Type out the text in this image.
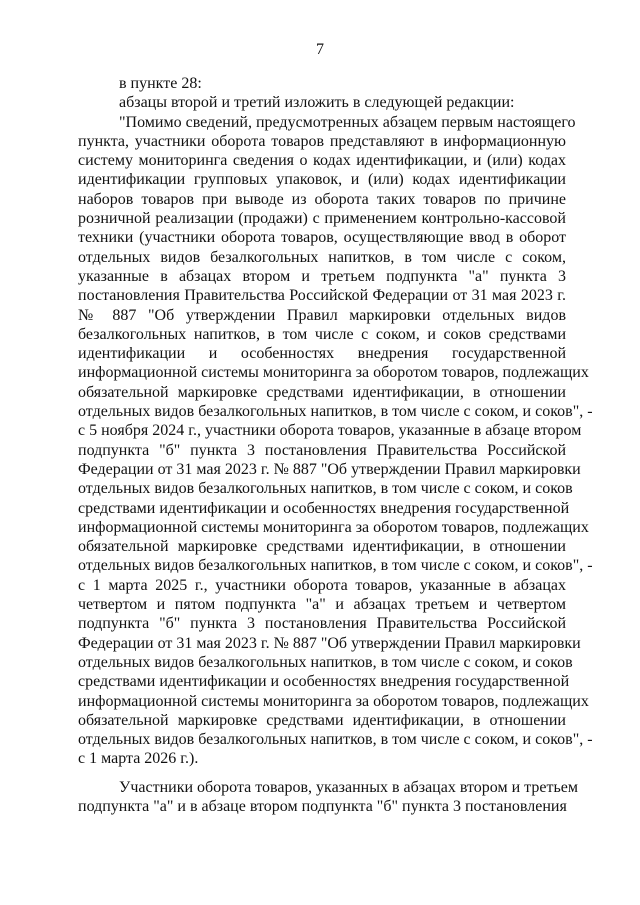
7
в пункте 28:
абзацы второй и третий изложить в следующей редакции:
"Помимо сведений, предусмотренных абзацем первым настоящего
пункта, участники оборота товаров представляют в информационную
систему мониторинга сведения о кодах идентификации, и (или) кодах
идентификации групповых упаковок, и (или) кодах идентификации
наборов товаров при выводе из оборота таких товаров по причине
розничной реализации (продажи) с применением контрольно-кассовой
техники (участники оборота товаров, осуществляющие ввод в оборот
отдельных видов безалкогольных напитков, в том числе с соком,
указанные в абзацах втором и третьем подпункта "а" пункта 3
постановления Правительства Российской Федерации от 31 мая 2023 г.
№ 887 "Об утверждении Правил маркировки отдельных видов
безалкогольных напитков, в том числе с соком, и соков средствами
идентификации и особенностях внедрения государственной
информационной системы мониторинга за оборотом товаров, подлежащих
обязательной маркировке средствами идентификации, в отношении
отдельных видов безалкогольных напитков, в том числе с соком, и соков", -
с 5 ноября 2024 г., участники оборота товаров, указанные в абзаце втором
подпункта "б" пункта 3 постановления Правительства Российской
Федерации от 31 мая 2023 г. № 887 "Об утверждении Правил маркировки
отдельных видов безалкогольных напитков, в том числе с соком, и соков
средствами идентификации и особенностях внедрения государственной
информационной системы мониторинга за оборотом товаров, подлежащих
обязательной маркировке средствами идентификации, в отношении
отдельных видов безалкогольных напитков, в том числе с соком, и соков", -
с 1 марта 2025 г., участники оборота товаров, указанные в абзацах
четвертом и пятом подпункта "а" и абзацах третьем и четвертом
подпункта "б" пункта 3 постановления Правительства Российской
Федерации от 31 мая 2023 г. № 887 "Об утверждении Правил маркировки
отдельных видов безалкогольных напитков, в том числе с соком, и соков
средствами идентификации и особенностях внедрения государственной
информационной системы мониторинга за оборотом товаров, подлежащих
обязательной маркировке средствами идентификации, в отношении
отдельных видов безалкогольных напитков, в том числе с соком, и соков", -
с 1 марта 2026 г.).
Участники оборота товаров, указанных в абзацах втором и третьем
подпункта "а" и в абзаце втором подпункта "б" пункта 3 постановления
